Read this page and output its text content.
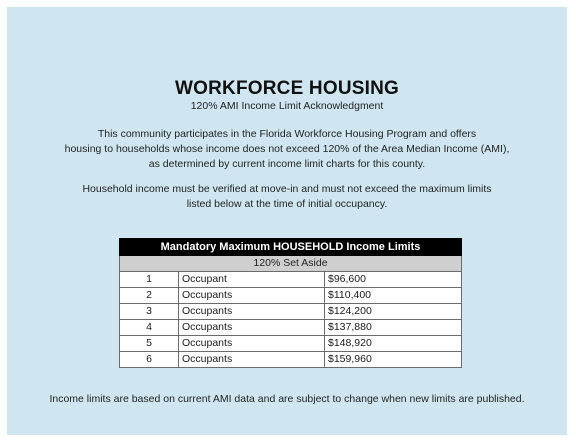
WORKFORCE HOUSING
120% AMI Income Limit Acknowledgment
This community participates in the Florida Workforce Housing Program and offers
housing to households whose income does not exceed 120% of the Area Median Income (AMI),
as determined by current income limit charts for this county.
Household income must be verified at move-in and must not exceed the maximum limits
listed below at the time of initial occupancy.
Mandatory Maximum HOUSEHOLD Income Limits		
120% Set Aside		
1	Occupant	$96,600
2	Occupants	$110,400
3	Occupants	$124,200
4	Occupants	$137,880
5	Occupants	$148,920
6	Occupants	$159,960
Income limits are based on current AMI data and are subject to change when new limits are published.
